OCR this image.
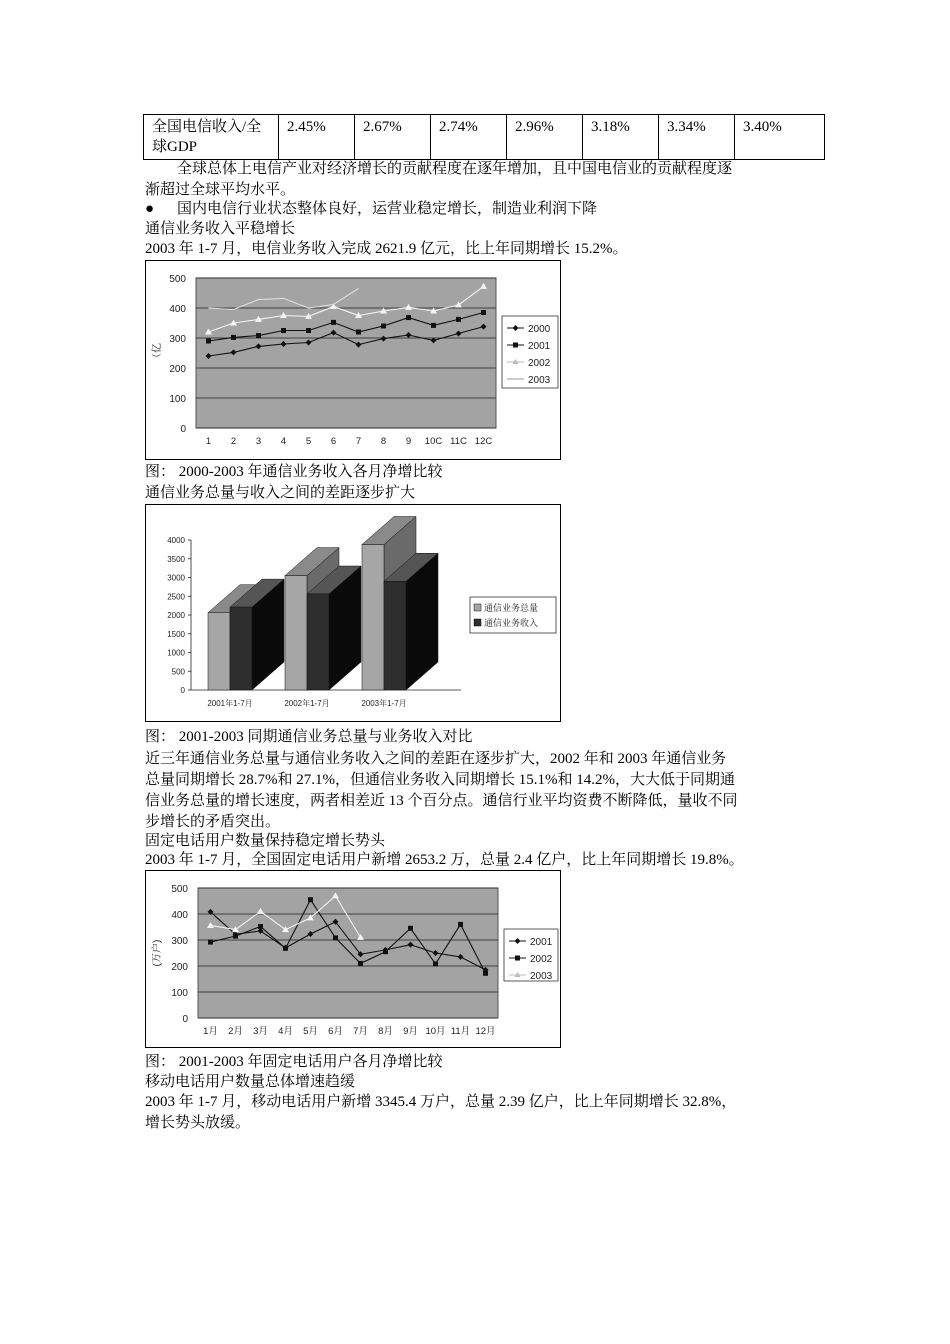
全国电信收入/全
球GDP	2.45%	2.67%	2.74%	2.96%	3.18%	3.34%	3.40%
全球总体上电信产业对经济增长的贡献程度在逐年增加，且中国电信业的贡献程度逐
渐超过全球平均水平。
● 国内电信行业状态整体良好，运营业稳定增长，制造业利润下降
通信业务收入平稳增长
2003 年 1-7 月，电信业务收入完成 2621.9 亿元，比上年同期增长 15.2%。
0
100
200
300
400
500
1 2 3 4 5 6 7 8 9 10C 11C 12C
（亿
2000
2001
2002
2003
图： 2000-2003 年通信业务收入各月净增比较
通信业务总量与收入之间的差距逐步扩大
0
500
1000
1500
2000
2500
3000
3500
4000
2001年1-7月	2002年1-7月	2003年1-7月
通信业务总量
通信业务收入
图： 2001-2003 同期通信业务总量与业务收入对比
近三年通信业务总量与通信业务收入之间的差距在逐步扩大，2002 年和 2003 年通信业务
总量同期增长 28.7%和 27.1%，但通信业务收入同期增长 15.1%和 14.2%，大大低于同期通
信业务总量的增长速度，两者相差近 13 个百分点。通信行业平均资费不断降低，量收不同
步增长的矛盾突出。
固定电话用户数量保持稳定增长势头
2003 年 1-7 月，全国固定电话用户新增 2653.2 万，总量 2.4 亿户，比上年同期增长 19.8%。
0
100
200
300
400
500
1月 2月 3月 4月 5月 6月 7月 8月 9月 10月 11月 12月
(万户)	2001
2002
2003
图： 2001-2003 年固定电话用户各月净增比较
移动电话用户数量总体增速趋缓
2003 年 1-7 月，移动电话用户新增 3345.4 万户，总量 2.39 亿户，比上年同期增长 32.8%，
增长势头放缓。
